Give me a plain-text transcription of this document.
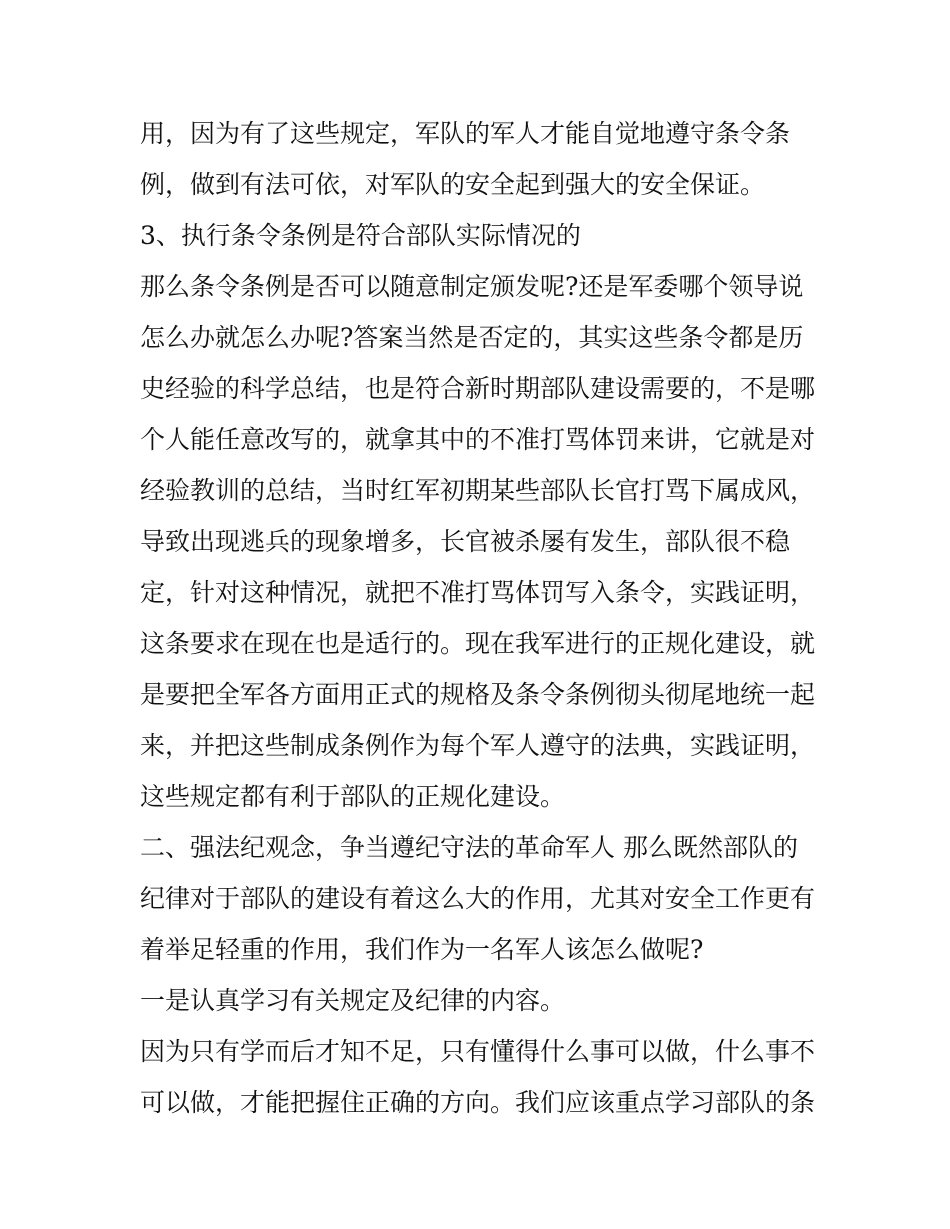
用，因为有了这些规定，军队的军人才能自觉地遵守条令条
例，做到有法可依，对军队的安全起到强大的安全保证。
3、执行条令条例是符合部队实际情况的
那么条令条例是否可以随意制定颁发呢?还是军委哪个领导说
怎么办就怎么办呢?答案当然是否定的，其实这些条令都是历
史经验的科学总结，也是符合新时期部队建设需要的，不是哪
个人能任意改写的，就拿其中的不准打骂体罚来讲，它就是对
经验教训的总结，当时红军初期某些部队长官打骂下属成风，
导致出现逃兵的现象增多，长官被杀屡有发生，部队很不稳
定，针对这种情况，就把不准打骂体罚写入条令，实践证明，
这条要求在现在也是适行的。现在我军进行的正规化建设，就
是要把全军各方面用正式的规格及条令条例彻头彻尾地统一起
来，并把这些制成条例作为每个军人遵守的法典，实践证明，
这些规定都有利于部队的正规化建设。
二、强法纪观念，争当遵纪守法的革命军人 那么既然部队的
纪律对于部队的建设有着这么大的作用，尤其对安全工作更有
着举足轻重的作用，我们作为一名军人该怎么做呢?
一是认真学习有关规定及纪律的内容。
因为只有学而后才知不足，只有懂得什么事可以做，什么事不
可以做，才能把握住正确的方向。我们应该重点学习部队的条
